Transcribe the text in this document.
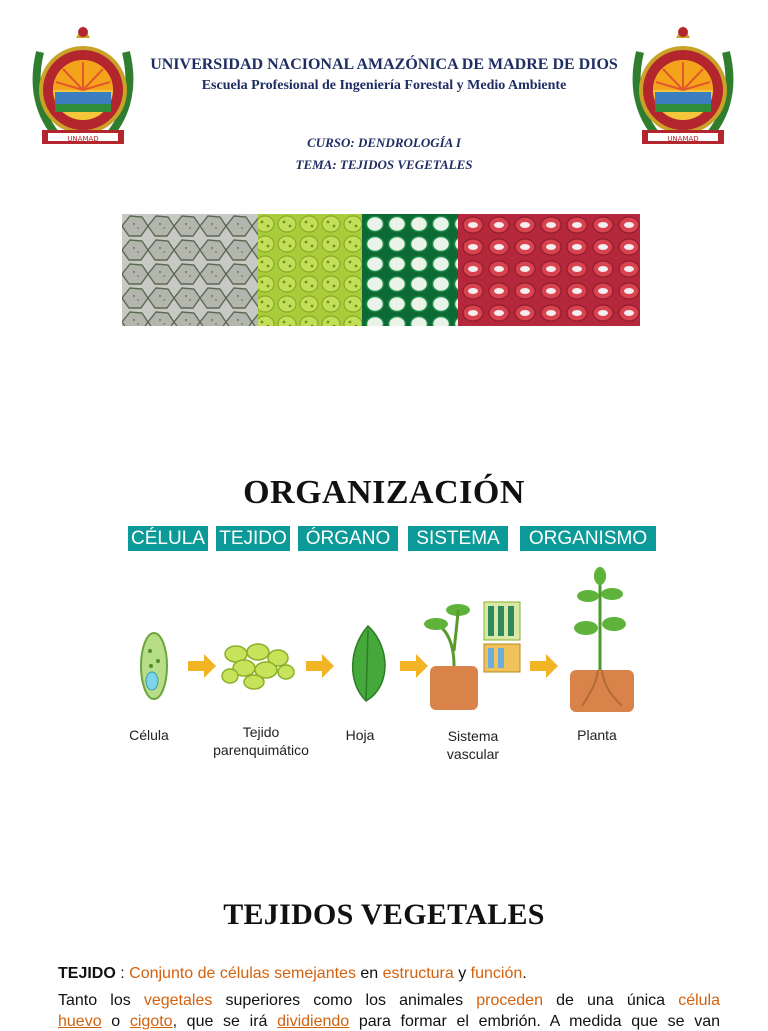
UNAMAD	UNAMAD
UNIVERSIDAD NACIONAL AMAZÓNICA DE MADRE DE DIOS
Escuela Profesional de Ingeniería Forestal y Medio Ambiente
CURSO: DENDROLOGÍA I
TEMA: TEJIDOS VEGETALES
ORGANIZACIÓN
CÉLULA TEJIDO ÓRGANO	SISTEMA	ORGANISMO
Célula	Tejido
parenquimático
Hoja	Sistema
vascular
Planta
TEJIDOS VEGETALES
TEJIDO : Conjunto de células semejantes en estructura y función.
Tanto los vegetales superiores como los animales proceden de una única célula
huevo o cigoto, que se irá dividiendo para formar el embrión. A medida que se van
